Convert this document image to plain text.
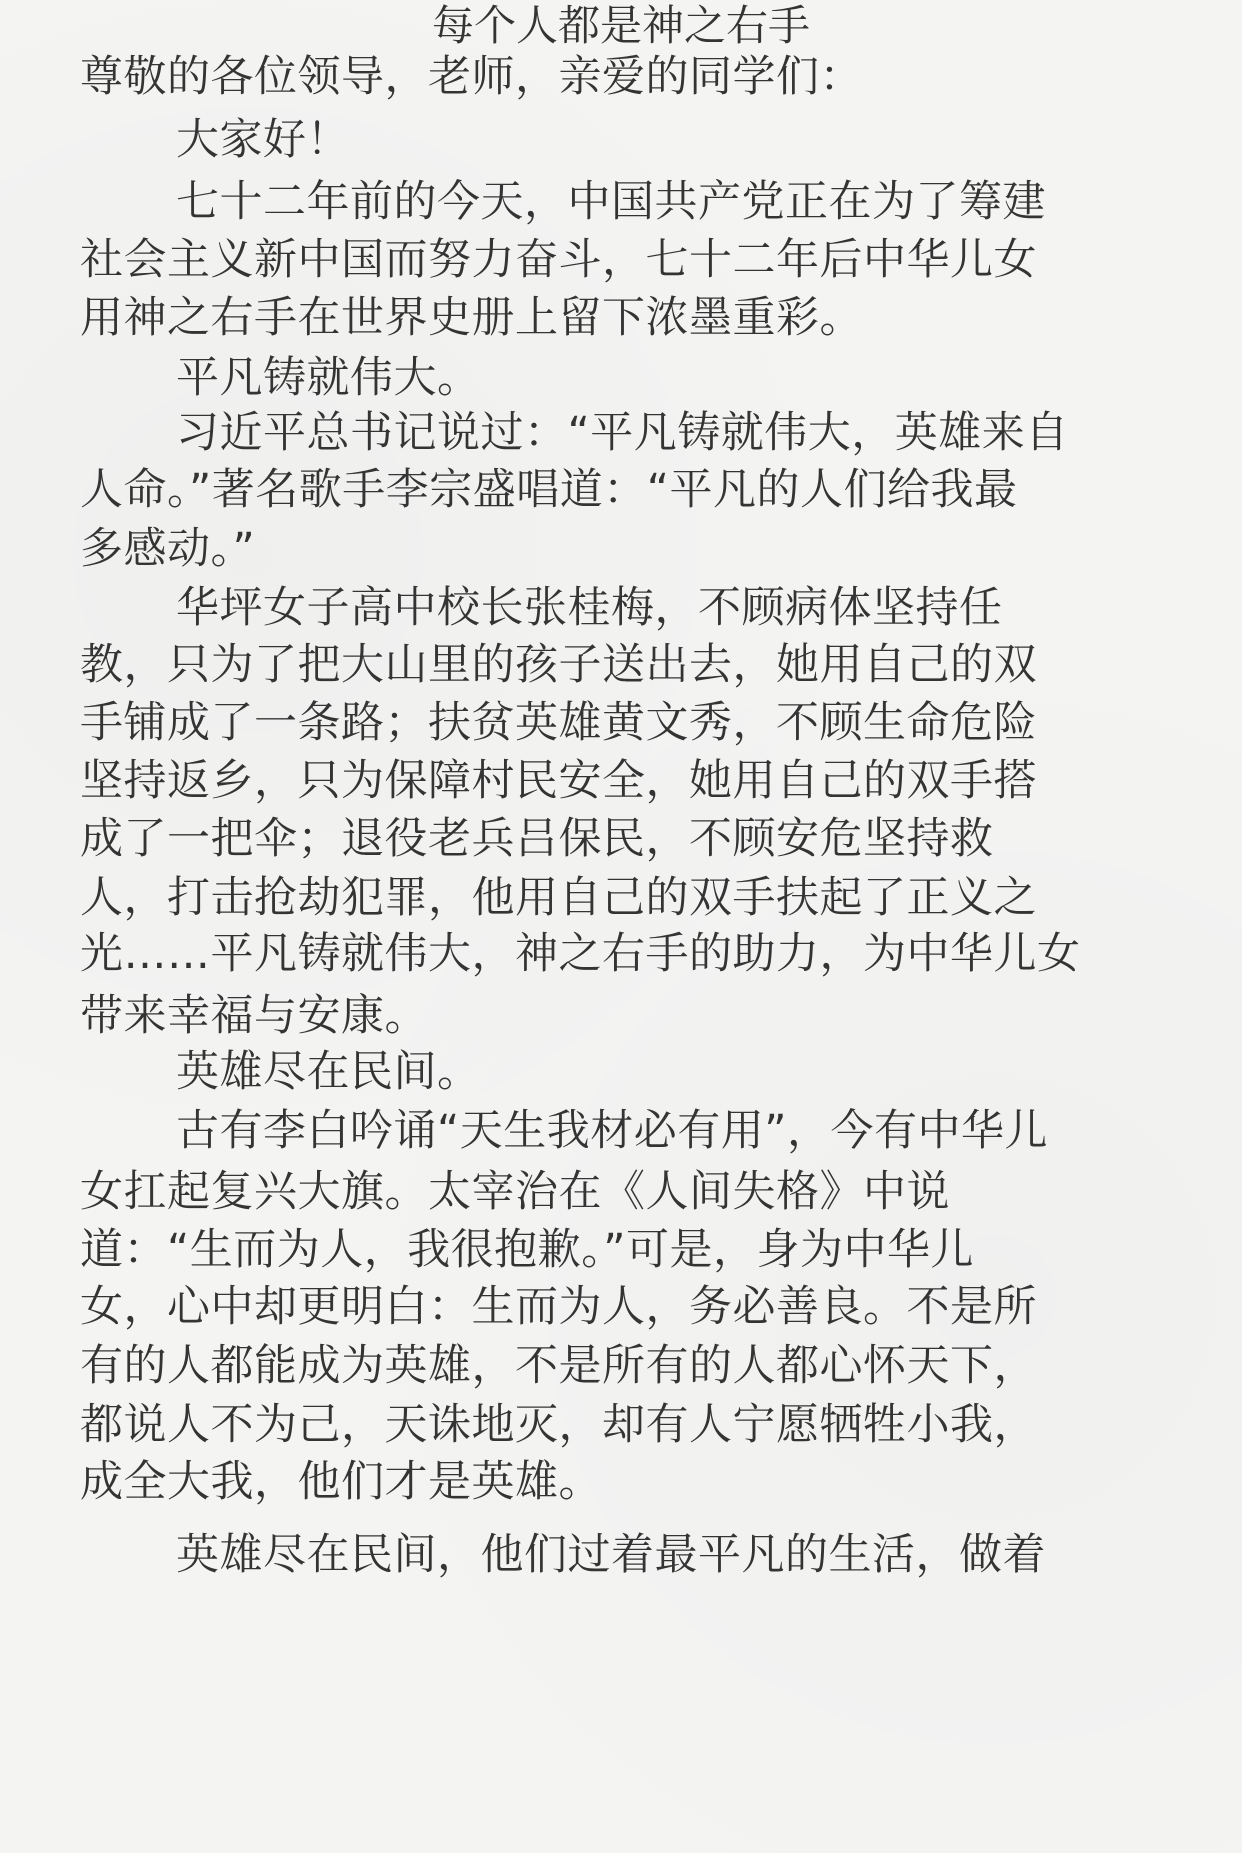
每个人都是神之右手
尊敬的各位领导，老师，亲爱的同学们：
大家好！
七十二年前的今天，中国共产党正在为了筹建
社会主义新中国而努力奋斗，七十二年后中华儿女
用神之右手在世界史册上留下浓墨重彩。
平凡铸就伟大。
习近平总书记说过：“平凡铸就伟大，英雄来自
人命。”著名歌手李宗盛唱道：“平凡的人们给我最
多感动。”
华坪女子高中校长张桂梅，不顾病体坚持任
教，只为了把大山里的孩子送出去，她用自己的双
手铺成了一条路；扶贫英雄黄文秀，不顾生命危险
坚持返乡，只为保障村民安全，她用自己的双手搭
成了一把伞；退役老兵吕保民，不顾安危坚持救
人，打击抢劫犯罪，他用自己的双手扶起了正义之
光……平凡铸就伟大，神之右手的助力，为中华儿女
带来幸福与安康。
英雄尽在民间。
古有李白吟诵“天生我材必有用”，今有中华儿
女扛起复兴大旗。太宰治在《人间失格》中说
道：“生而为人，我很抱歉。”可是，身为中华儿
女，心中却更明白：生而为人，务必善良。不是所
有的人都能成为英雄，不是所有的人都心怀天下，
都说人不为己，天诛地灭，却有人宁愿牺牲小我，
成全大我，他们才是英雄。
英雄尽在民间，他们过着最平凡的生活，做着
